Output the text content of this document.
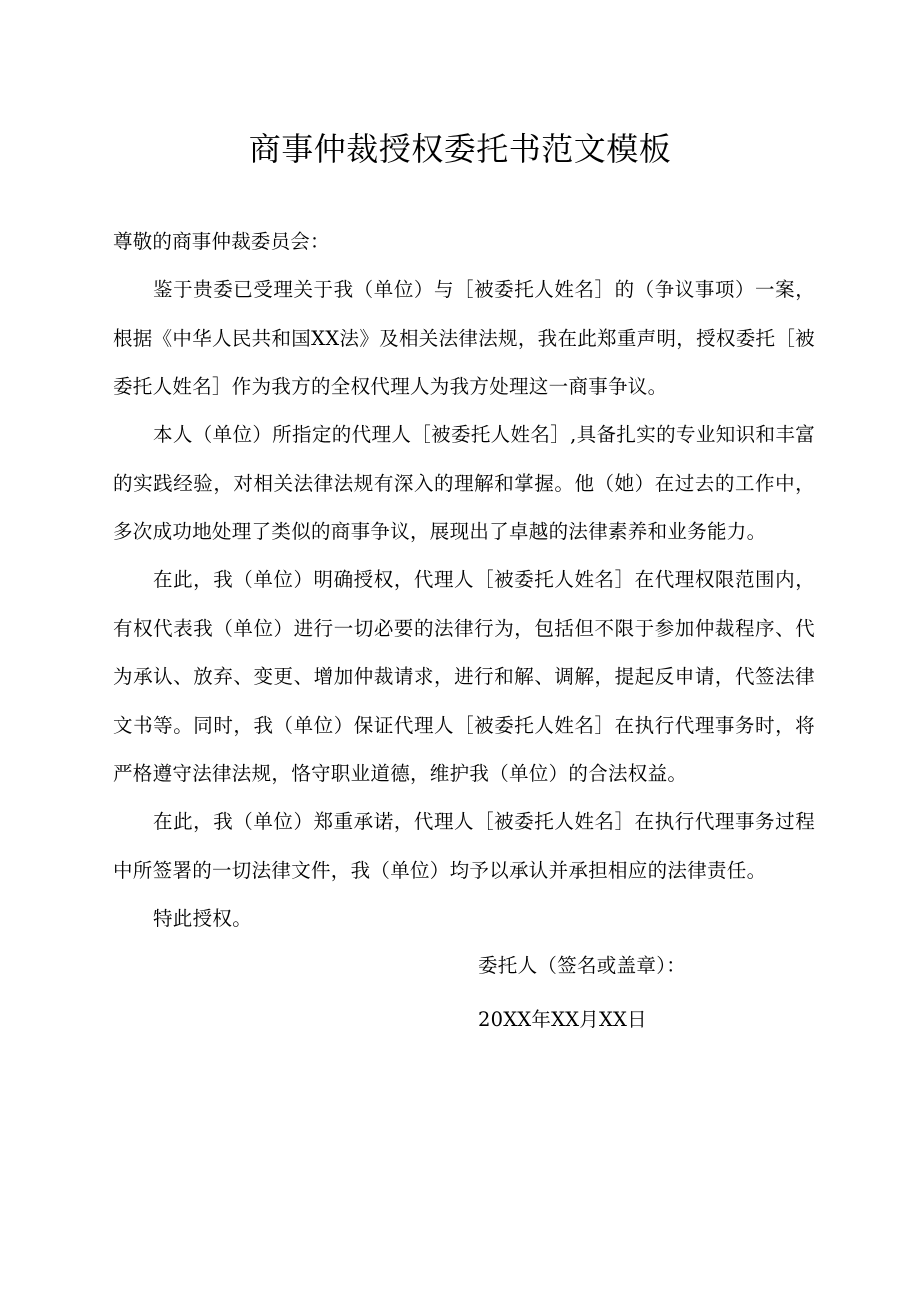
商事仲裁授权委托书范文模板
尊敬的商事仲裁委员会：
鉴于贵委已受理关于我（单位）与［被委托人姓名］的（争议事项）一案，根据《中华人民共和国XX法》及相关法律法规，我在此郑重声明，授权委托［被委托人姓名］作为我方的全权代理人为我方处理这一商事争议。
本人（单位）所指定的代理人［被委托人姓名］,具备扎实的专业知识和丰富的实践经验，对相关法律法规有深入的理解和掌握。他（她）在过去的工作中，多次成功地处理了类似的商事争议，展现出了卓越的法律素养和业务能力。
在此，我（单位）明确授权，代理人［被委托人姓名］在代理权限范围内，有权代表我（单位）进行一切必要的法律行为，包括但不限于参加仲裁程序、代为承认、放弃、变更、增加仲裁请求，进行和解、调解，提起反申请，代签法律文书等。同时，我（单位）保证代理人［被委托人姓名］在执行代理事务时，将严格遵守法律法规，恪守职业道德，维护我（单位）的合法权益。
在此，我（单位）郑重承诺，代理人［被委托人姓名］在执行代理事务过程中所签署的一切法律文件，我（单位）均予以承认并承担相应的法律责任。
特此授权。
委托人（签名或盖章）：
20XX年XX月XX日
